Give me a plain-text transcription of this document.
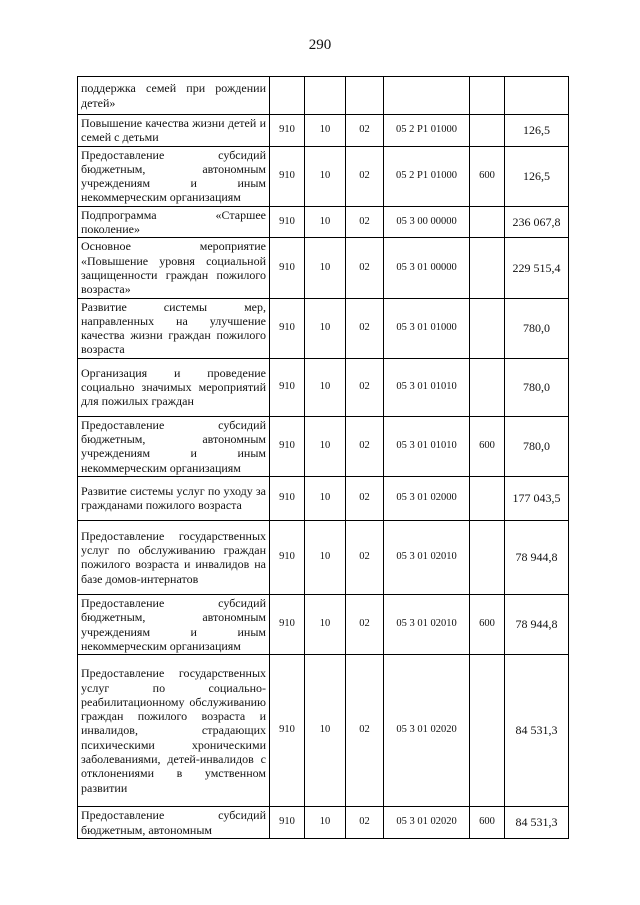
290
поддержка семей при рождении детей»						
Повышение качества жизни детей и семей с детьми	910	10	02	05 2 P1 01000		126,5
Предоставление субсидий бюджетным, автономным учреждениям и иным некоммерческим организациям	910	10	02	05 2 P1 01000	600	126,5
Подпрограмма «Старшее поколение»	910	10	02	05 3 00 00000		236 067,8
Основное мероприятие «Повышение уровня социальной защищенности граждан пожилого возраста»	910	10	02	05 3 01 00000		229 515,4
Развитие системы мер, направленных на улучшение качества жизни граждан пожилого возраста	910	10	02	05 3 01 01000		780,0
Организация и проведение социально значимых мероприятий для пожилых граждан	910	10	02	05 3 01 01010		780,0
Предоставление субсидий бюджетным, автономным учреждениям и иным некоммерческим организациям	910	10	02	05 3 01 01010	600	780,0
Развитие системы услуг по уходу за гражданами пожилого возраста	910	10	02	05 3 01 02000		177 043,5
Предоставление государственных услуг по обслуживанию граждан пожилого возраста и инвалидов на базе домов-интернатов	910	10	02	05 3 01 02010		78 944,8
Предоставление субсидий бюджетным, автономным учреждениям и иным некоммерческим организациям	910	10	02	05 3 01 02010	600	78 944,8
Предоставление государственных услуг по социально-реабилитационному обслуживанию граждан пожилого возраста и инвалидов, страдающих психическими хроническими заболеваниями, детей-инвалидов с отклонениями в умственном развитии	910	10	02	05 3 01 02020		84 531,3
Предоставление субсидий бюджетным, автономным	910	10	02	05 3 01 02020	600	84 531,3
